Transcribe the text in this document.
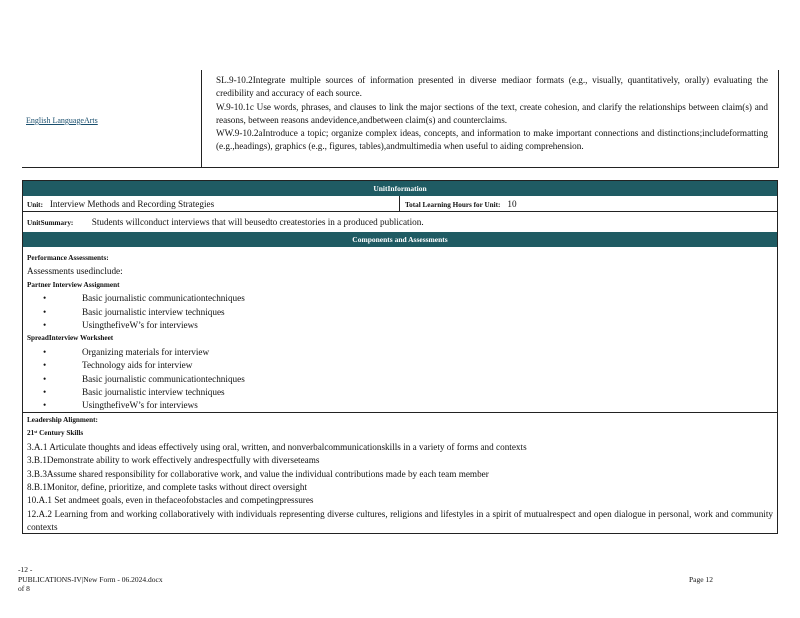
English LanguageArts

SL.9-10.2Integrate multiple sources of information presented in diverse mediaor formats (e.g., visually, quantitatively, orally) evaluating the credibility and accuracy of each source.

W.9-10.1c Use words, phrases, and clauses to link the major sections of the text, create cohesion, and clarify the relationships between claim(s) and reasons, between reasons andevidence,andbetween claim(s) and counterclaims.

WW.9-10.2aIntroduce a topic; organize complex ideas, concepts, and information to make important connections and distinctions;includeformatting (e.g.,headings), graphics (e.g., figures, tables),andmultimedia when useful to aiding comprehension.

UnitInformation
Unit: Interview Methods and Recording Strategies	Total Learning Hours for Unit: 10
UnitSummary: Students willconduct interviews that will beusedto createstories in a produced publication.
Components and Assessments
Performance Assessments:
Assessments usedinclude:
Partner Interview Assignment
• Basic journalistic communicationtechniques
• Basic journalistic interview techniques
• UsingthefiveW’s for interviews
SpreadInterview Worksheet
• Organizing materials for interview
• Technology aids for interview
• Basic journalistic communicationtechniques
• Basic journalistic interview techniques
• UsingthefiveW’s for interviews
Leadership Alignment:
21ˢᵗ Century Skills
3.A.1 Articulate thoughts and ideas effectively using oral, written, and nonverbalcommunicationskills in a variety of forms and contexts
3.B.1Demonstrate ability to work effectively andrespectfully with diverseteams
3.B.3Assume shared responsibility for collaborative work, and value the individual contributions made by each team member
8.B.1Monitor, define, prioritize, and complete tasks without direct oversight
10.A.1 Set andmeet goals, even in thefaceofobstacles and competingpressures
12.A.2 Learning from and working collaboratively with individuals representing diverse cultures, religions and lifestyles in a spirit of mutualrespect and open dialogue in personal, work and community contexts
-12 -
PUBLICATIONS-IV|New Form - 06.2024.docx
of 8
Page 12
